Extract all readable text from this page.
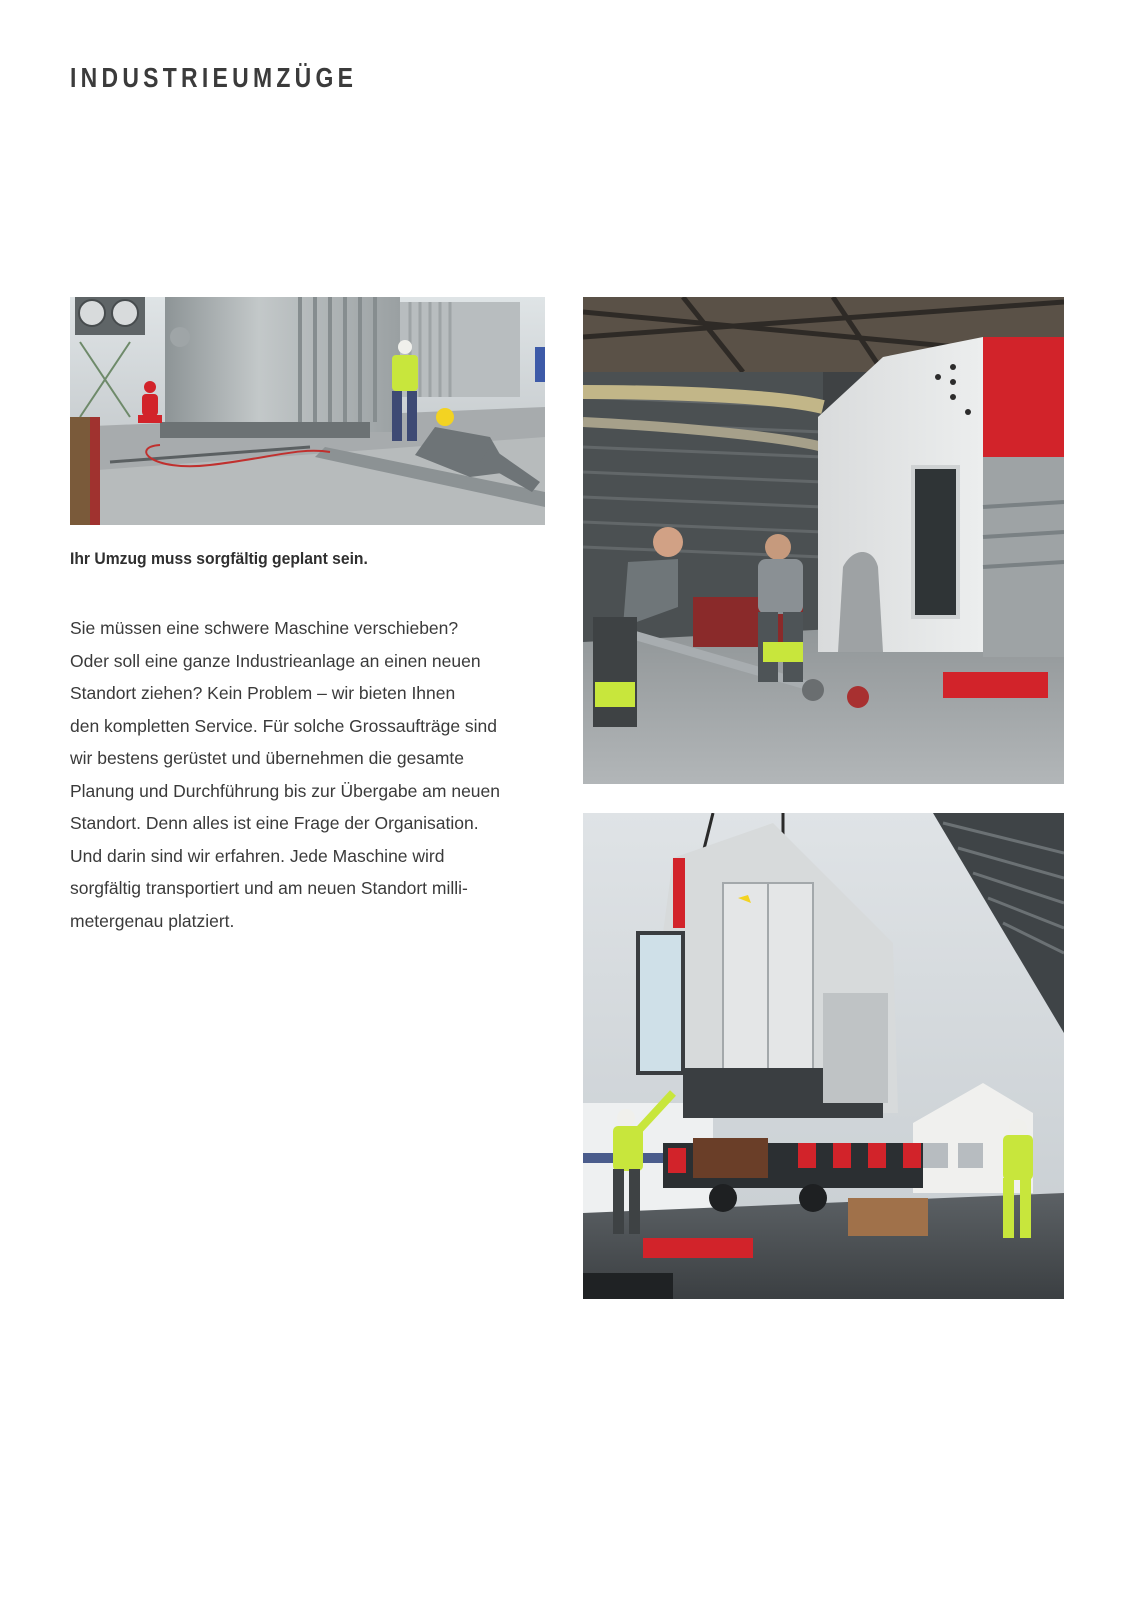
INDUSTRIEUMZÜGE

Ihr Umzug muss sorgfältig geplant sein.

Sie müssen eine schwere Maschine verschieben?
Oder soll eine ganze Industrieanlage an einen neuen
Standort ziehen? Kein Problem – wir bieten Ihnen
den kompletten Service. Für solche Grossaufträge sind
wir bestens gerüstet und übernehmen die gesamte
Planung und Durchführung bis zur Übergabe am neuen
Standort. Denn alles ist eine Frage der Organisation.
Und darin sind wir erfahren. Jede Maschine wird
sorgfältig transportiert und am neuen Standort milli-
metergenau platziert.
